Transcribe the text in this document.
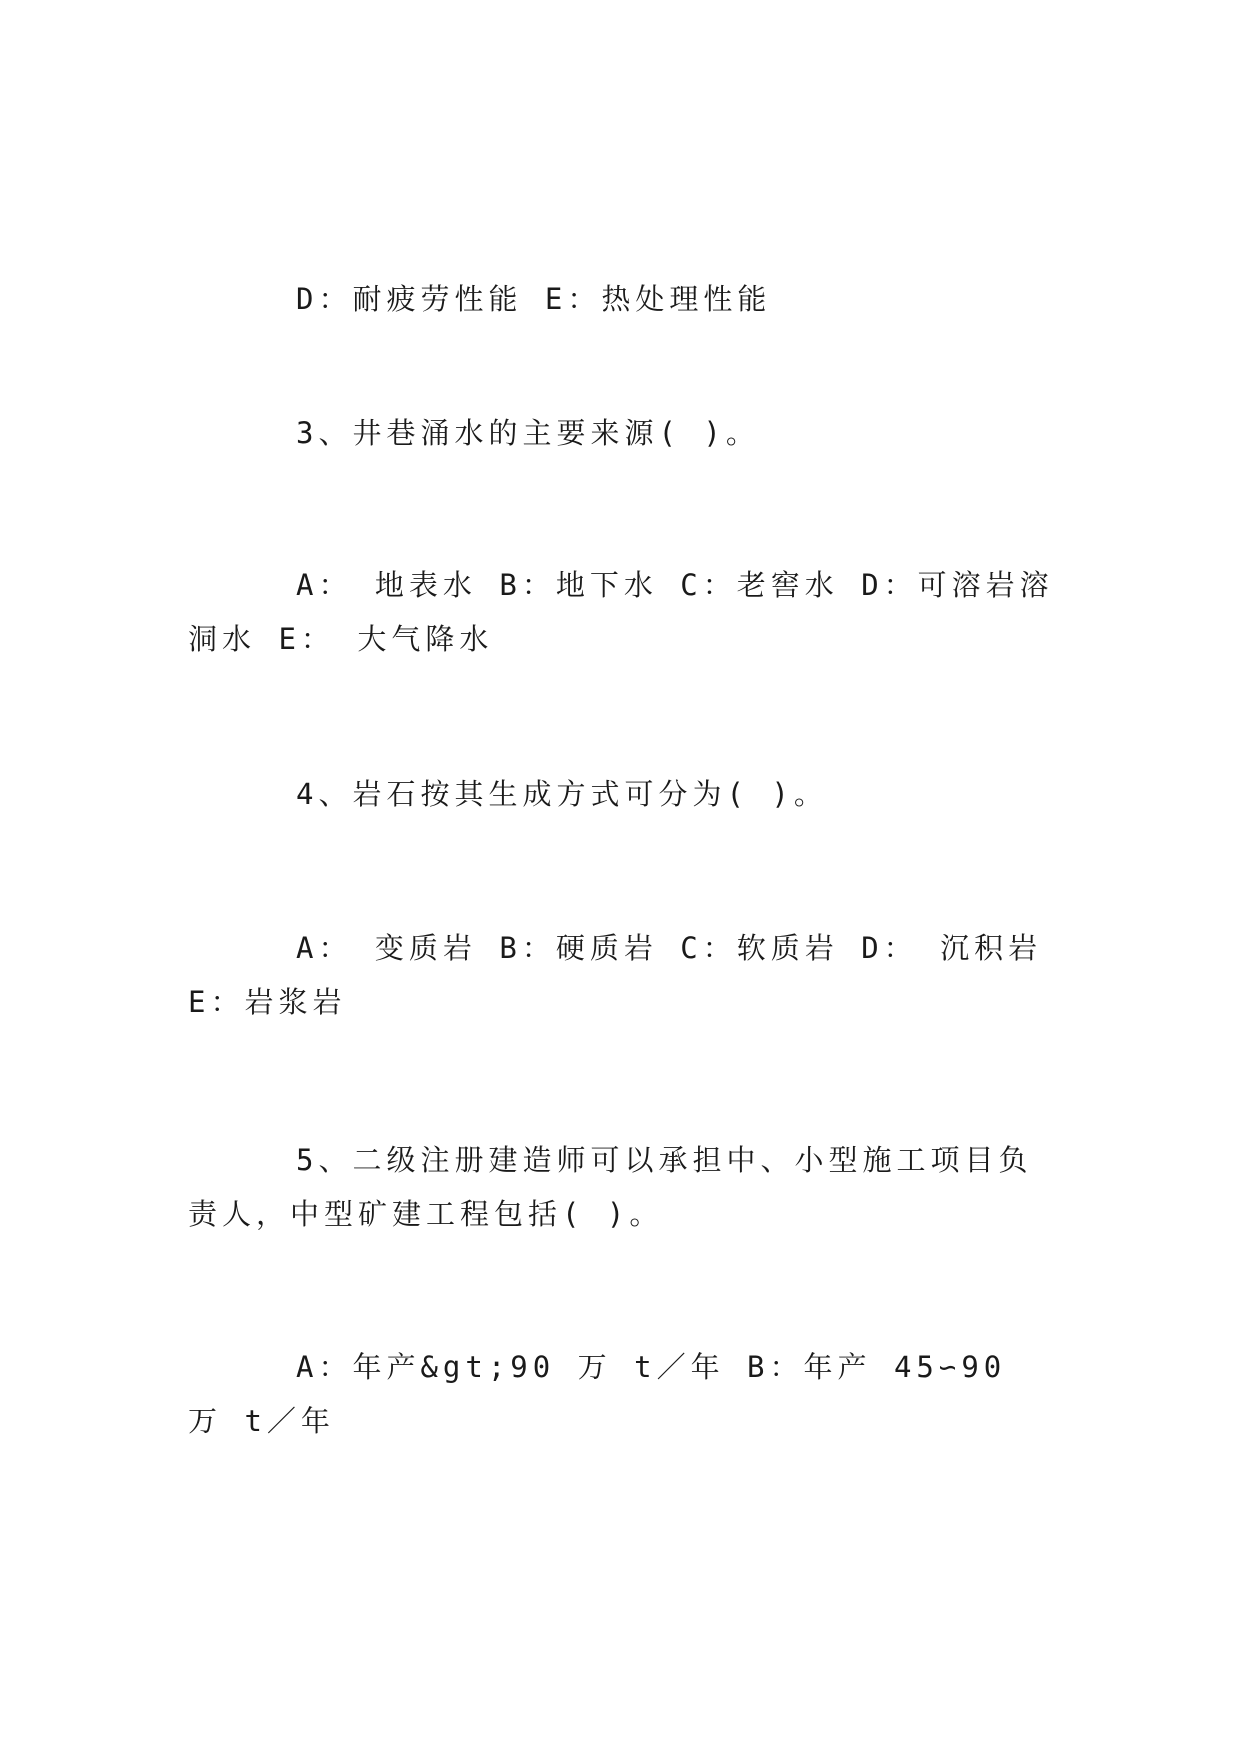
D：耐疲劳性能 E：热处理性能

3、井巷涌水的主要来源( )。

A： 地表水 B：地下水 C：老窖水 D：可溶岩溶洞水 E： 大气降水

4、岩石按其生成方式可分为( )。

A： 变质岩 B：硬质岩 C：软质岩 D： 沉积岩 E：岩浆岩

5、二级注册建造师可以承担中、小型施工项目负责人，中型矿建工程包括( )。

A：年产&gt;90 万 t／年 B：年产 45∽90 万 t／年
